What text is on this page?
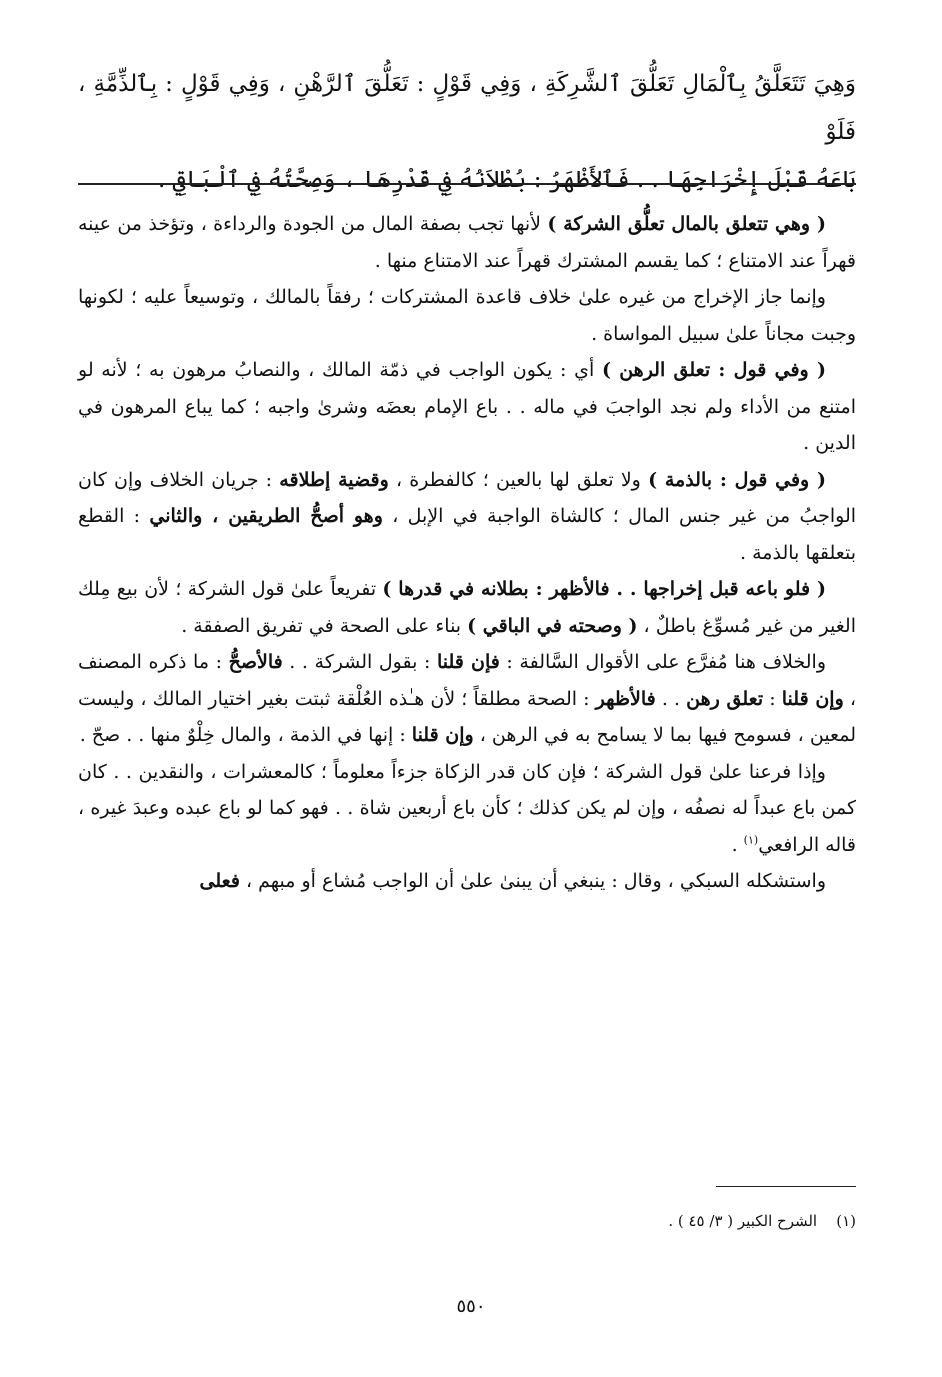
وَهِيَ تَتَعَلَّقُ بِٱلْمَالِ تَعَلُّقَ ٱلشَّرِكَةِ ، وَفِي قَوْلٍ : تَعَلُّقَ ٱلرَّهْنِ ، وَفِي قَوْلٍ : بِٱلذِّمَّةِ ، فَلَوْ

بَاعَهُ قَبْلَ إِخْرَاجِهَا . . فَٱلأَظْهَرُ : بُطْلاَنُهُ فِي قَدْرِهَا ، وَصِحَّتُهُ فِي ٱلْبَاقِي .

( وهي تتعلق بالمال تعلُّق الشركة ) لأنها تجب بصفة المال من الجودة والرداءة ، وتؤخذ من عينه قهراً عند الامتناع ؛ كما يقسم المشترك قهراً عند الامتناع منها .

وإنما جاز الإخراج من غيره علىٰ خلاف قاعدة المشتركات ؛ رفقاً بالمالك ، وتوسيعاً عليه ؛ لكونها وجبت مجاناً علىٰ سبيل المواساة .

( وفي قول : تعلق الرهن ) أي : يكون الواجب في ذمّة المالك ، والنصابُ مرهون به ؛ لأنه لو امتنع من الأداء ولم نجد الواجبَ في ماله . . باع الإمام بعضَه وشرىٰ واجبه ؛ كما يباع المرهون في الدين .

( وفي قول : بالذمة ) ولا تعلق لها بالعين ؛ كالفطرة ، وقضية إطلاقه : جريان الخلاف وإن كان الواجبُ من غير جنس المال ؛ كالشاة الواجبة في الإبل ، وهو أصحُّ الطريقين ، والثاني : القطع بتعلقها بالذمة .

( فلو باعه قبل إخراجها . . فالأظهر : بطلانه في قدرها ) تفريعاً علىٰ قول الشركة ؛ لأن بيع مِلك الغير من غير مُسوِّغ باطلٌ ، ( وصحته في الباقي ) بناء على الصحة في تفريق الصفقة .

والخلاف هنا مُفرَّع على الأقوال السَّالفة : فإن قلنا : بقول الشركة . . فالأصحُّ : ما ذكره المصنف ، وإن قلنا : تعلق رهن . . فالأظهر : الصحة مطلقاً ؛ لأن هـٰذه العُلْقة ثبتت بغير اختيار المالك ، وليست لمعين ، فسومح فيها بما لا يسامح به في الرهن ، وإن قلنا : إنها في الذمة ، والمال خِلْوٌ منها . . صحّ .

وإذا فرعنا علىٰ قول الشركة ؛ فإن كان قدر الزكاة جزءاً معلوماً ؛ كالمعشرات ، والنقدين . . كان كمن باع عبداً له نصفُه ، وإن لم يكن كذلك ؛ كأن باع أربعين شاة . . فهو كما لو باع عبده وعبدَ غيره ، قاله الرافعي$^{(١)}$ .

واستشكله السبكي ، وقال : ينبغي أن يبنىٰ علىٰ أن الواجب مُشاع أو مبهم ، فعلى

(١)    الشرح الكبير ( ٣/ ٤٥ ) .
٥٥٠
